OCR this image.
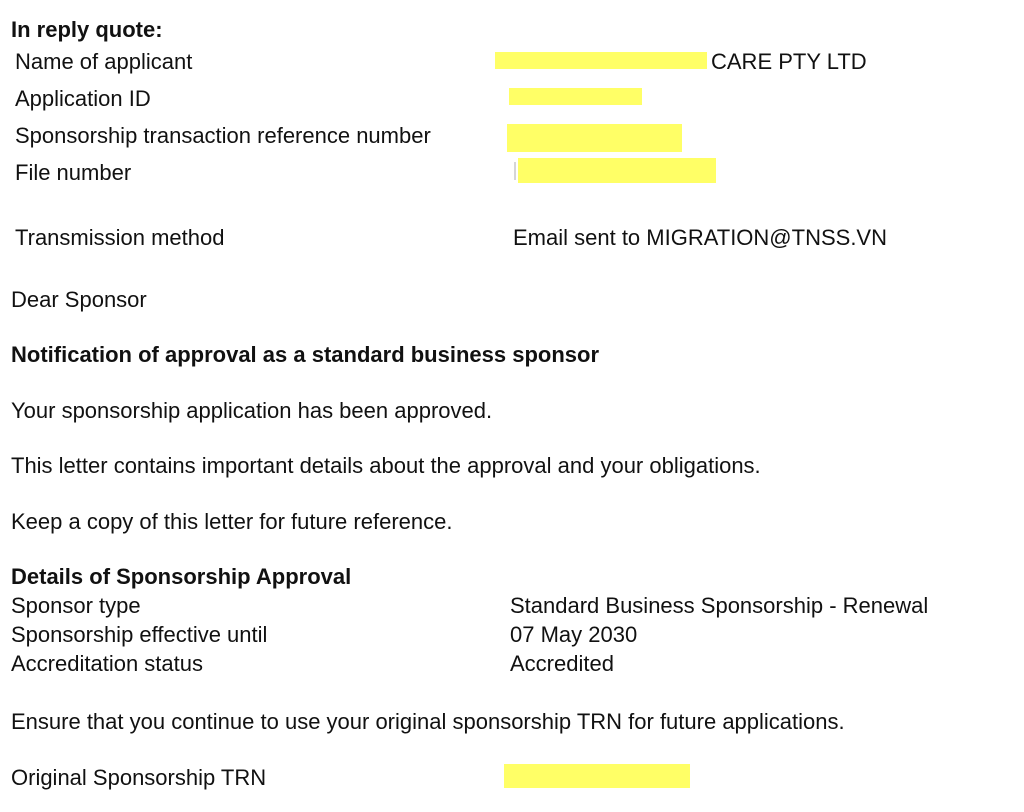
In reply quote:
Name of applicant	CARE PTY LTD
Application ID
Sponsorship transaction reference number
File number
Transmission method	Email sent to MIGRATION@TNSS.VN
Dear Sponsor
Notification of approval as a standard business sponsor
Your sponsorship application has been approved.
This letter contains important details about the approval and your obligations.
Keep a copy of this letter for future reference.
Details of Sponsorship Approval
Sponsor type	Standard Business Sponsorship - Renewal
Sponsorship effective until	07 May 2030
Accreditation status	Accredited
Ensure that you continue to use your original sponsorship TRN for future applications.
Original Sponsorship TRN
